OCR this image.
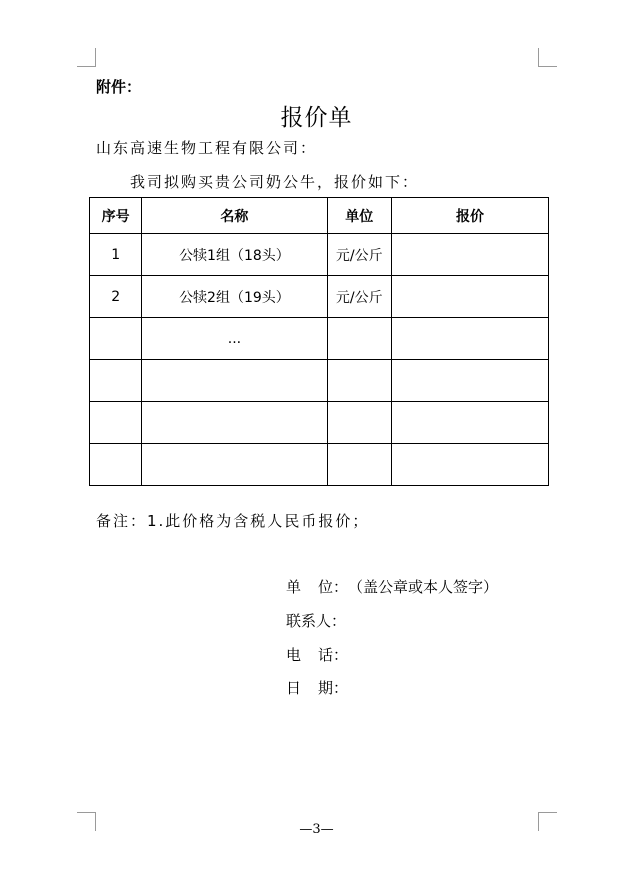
附件：
报价单
山东高速生物工程有限公司：
我司拟购买贵公司奶公牛，报价如下：
序号	名称	单位	报价
1	公犊1组（18头）	元/公斤	
2	公犊2组（19头）	元/公斤	
	...		

备注：1.此价格为含税人民币报价；
单 位： （盖公章或本人签字）
联系人：
电 话：
日 期：
—3—
